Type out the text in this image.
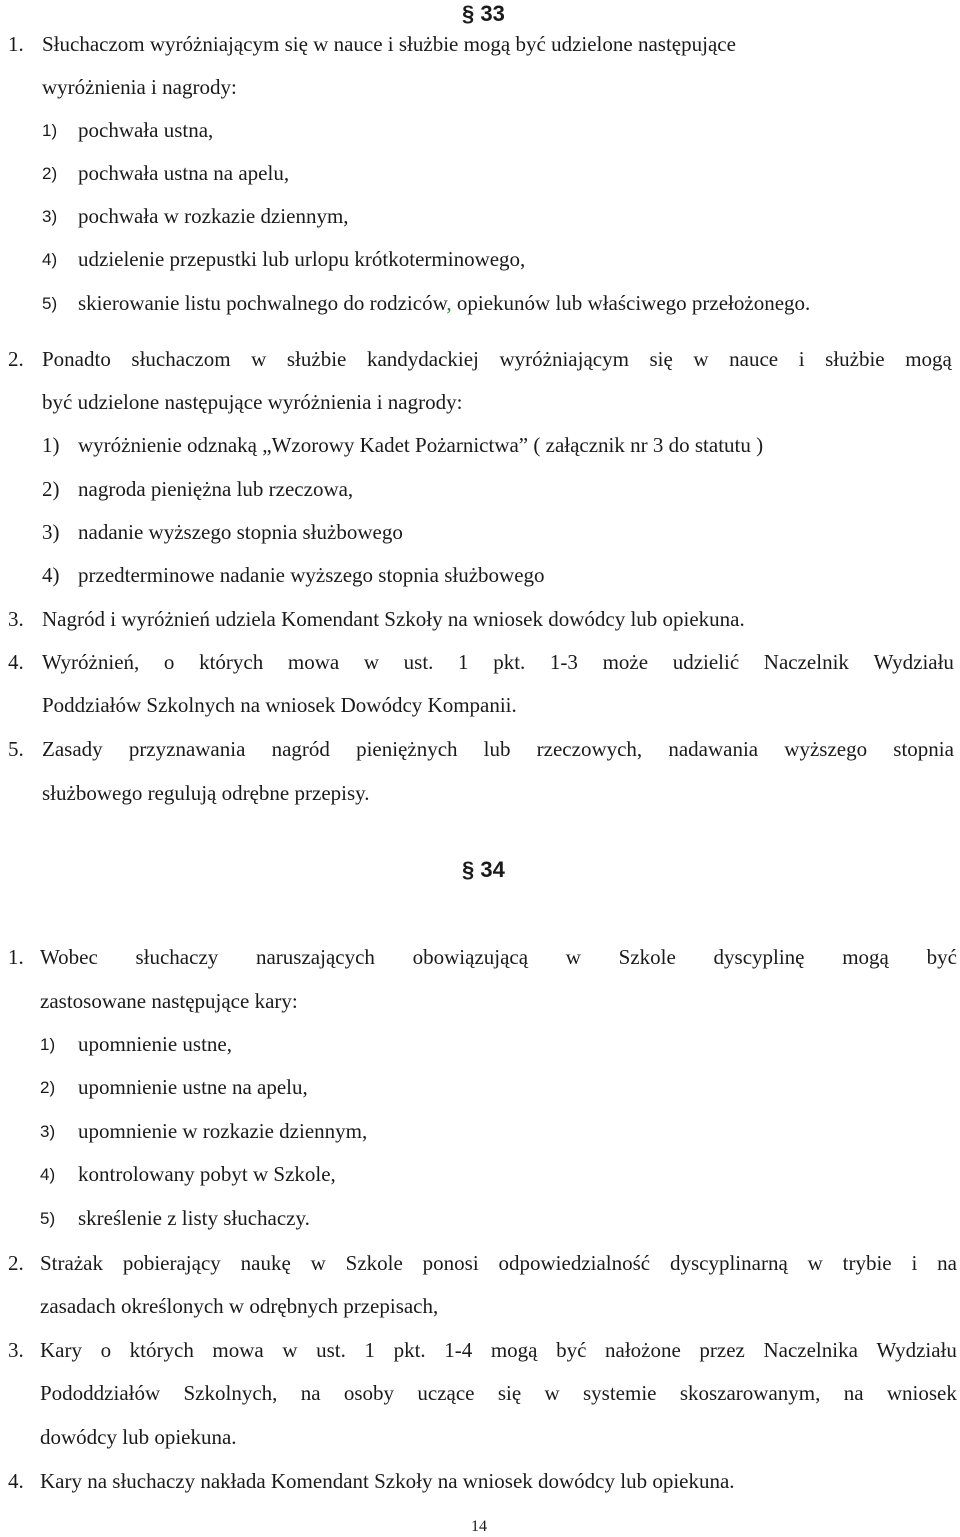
§ 33
1. Słuchaczom wyróżniającym się w nauce i służbie mogą być udzielone następujące
wyróżnienia i nagrody:
1) pochwała ustna,
2) pochwała ustna na apelu,
3) pochwała w rozkazie dziennym,
4) udzielenie przepustki lub urlopu krótkoterminowego,
5) skierowanie listu pochwalnego do rodziców, opiekunów lub właściwego przełożonego.
2. Ponadto słuchaczom w służbie kandydackiej wyróżniającym się w nauce i służbie mogą
być udzielone następujące wyróżnienia i nagrody:
1) wyróżnienie odznaką „Wzorowy Kadet Pożarnictwa” ( załącznik nr 3 do statutu )
2) nagroda pieniężna lub rzeczowa,
3) nadanie wyższego stopnia służbowego
4) przedterminowe nadanie wyższego stopnia służbowego
3. Nagród i wyróżnień udziela Komendant Szkoły na wniosek dowódcy lub opiekuna.
4. Wyróżnień, o których mowa w ust. 1 pkt. 1-3 może udzielić Naczelnik Wydziału
Poddziałów Szkolnych na wniosek Dowódcy Kompanii.
5. Zasady przyznawania nagród pieniężnych lub rzeczowych, nadawania wyższego stopnia
służbowego regulują odrębne przepisy.
§ 34
1. Wobec słuchaczy naruszających obowiązującą w Szkole dyscyplinę mogą być
zastosowane następujące kary:
1) upomnienie ustne,
2) upomnienie ustne na apelu,
3) upomnienie w rozkazie dziennym,
4) kontrolowany pobyt w Szkole,
5) skreślenie z listy słuchaczy.
2. Strażak pobierający naukę w Szkole ponosi odpowiedzialność dyscyplinarną w trybie i na
zasadach określonych w odrębnych przepisach,
3. Kary o których mowa w ust. 1 pkt. 1-4 mogą być nałożone przez Naczelnika Wydziału
Pododdziałów Szkolnych, na osoby uczące się w systemie skoszarowanym, na wniosek
dowódcy lub opiekuna.
4. Kary na słuchaczy nakłada Komendant Szkoły na wniosek dowódcy lub opiekuna.
14
